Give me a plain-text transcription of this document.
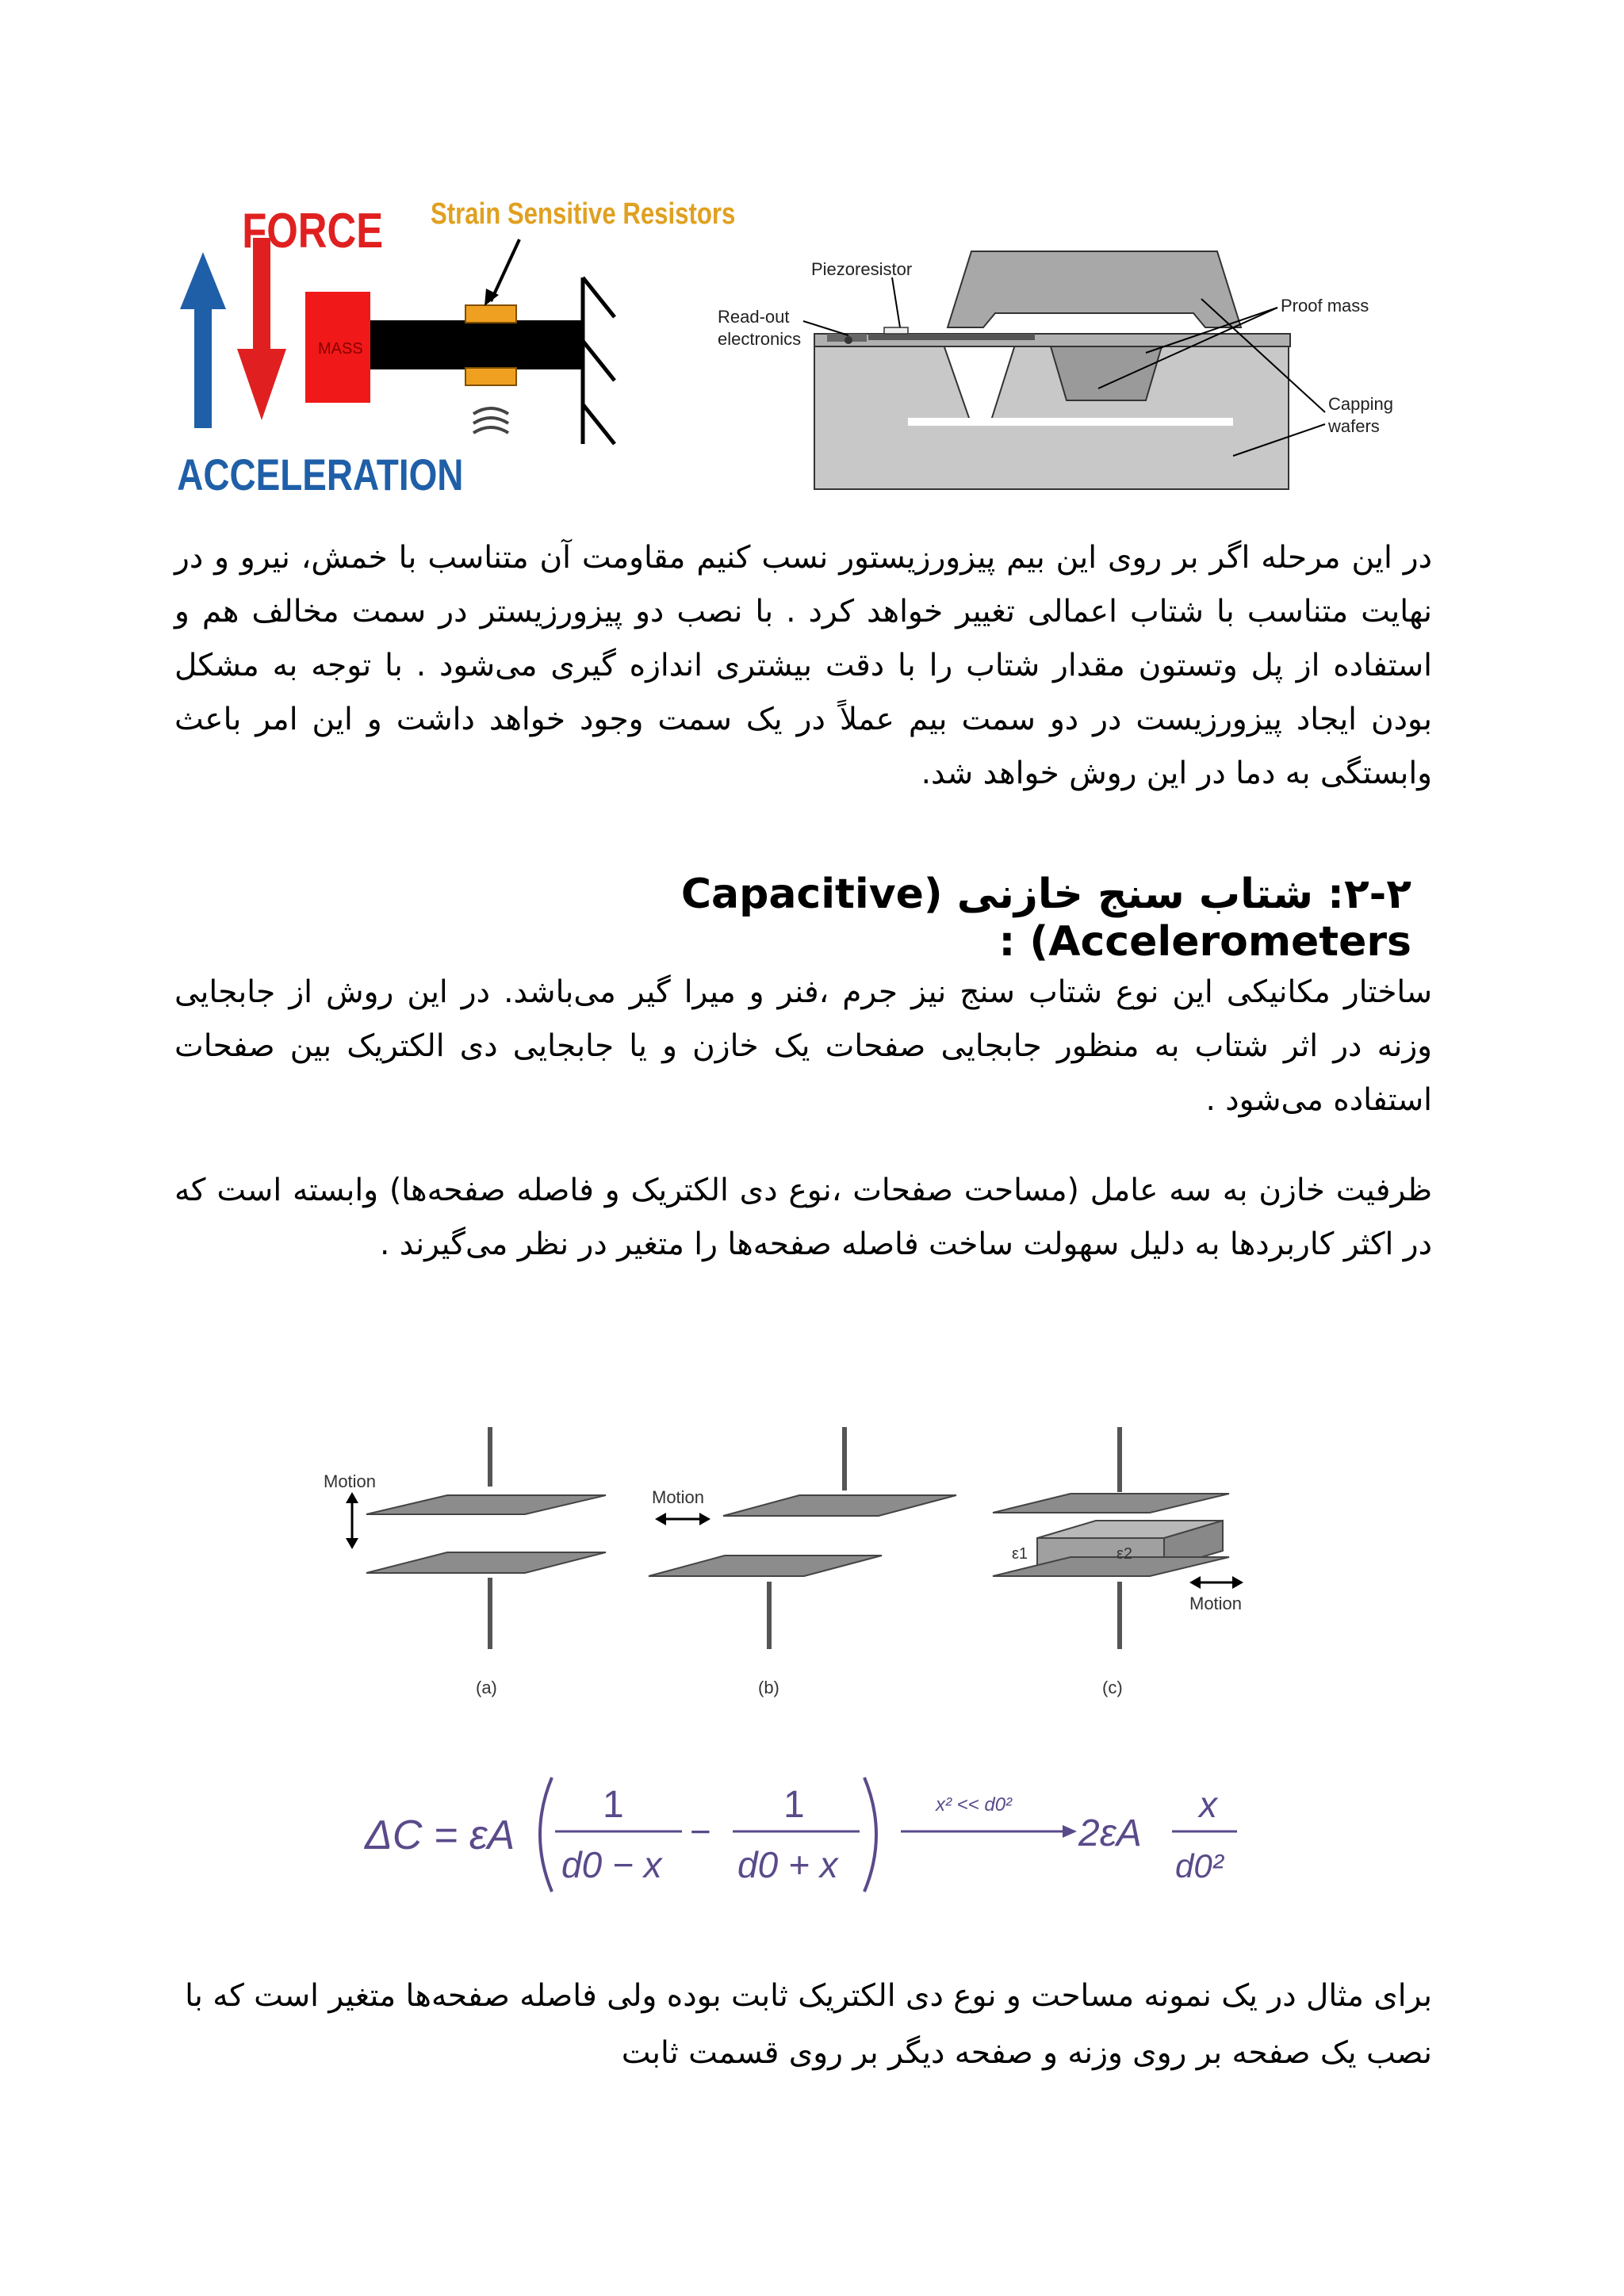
FORCE Strain Sensitive Resistors
MASS
ACCELERATION
Piezoresistor
Read-out
electronics
Proof mass
Capping
wafers

در این مرحله اگر بر روی این بیم پیزورزیستور نسب کنیم مقاومت آن متناسب با خمش، نیرو و در نهایت متناسب با شتاب اعمالی تغییر خواهد کرد . با نصب دو پیزورزیستر در سمت مخالف هم و استفاده از پل وتستون مقدار شتاب را با دقت بیشتری اندازه گیری می‌شود . با توجه به مشکل بودن ایجاد پیزورزیست در دو سمت بیم عملاً در یک سمت وجود خواهد داشت و این امر باعث وابستگی به دما در این روش خواهد شد.

۲-۲: شتاب سنج خازنی (Capacitive Accelerometers) :

ساختار مکانیکی این نوع شتاب سنج نیز جرم ،فنر و میرا گیر می‌باشد. در این روش از جابجایی وزنه در اثر شتاب به منظور جابجایی صفحات یک خازن و یا جابجایی دی الکتریک بین صفحات استفاده می‌شود .

ظرفیت خازن به سه عامل (مساحت صفحات ،نوع دی الکتریک و فاصله صفحه‌ها) وابسته است که در اکثر کاربردها به دلیل سهولت ساخت فاصله صفحه‌ها را متغیر در نظر می‌گیرند .

Motion
(a)
Motion
(b)
ε1	ε2
Motion
(c)
ΔC = εA
1
d0 − x
−
1
d0 + x
x² << d0²
2εA
x
d0²

برای مثال در یک نمونه مساحت و نوع دی الکتریک ثابت بوده ولی فاصله صفحه‌ها متغیر است که با نصب یک صفحه بر روی وزنه و صفحه دیگر بر روی قسمت ثابت
